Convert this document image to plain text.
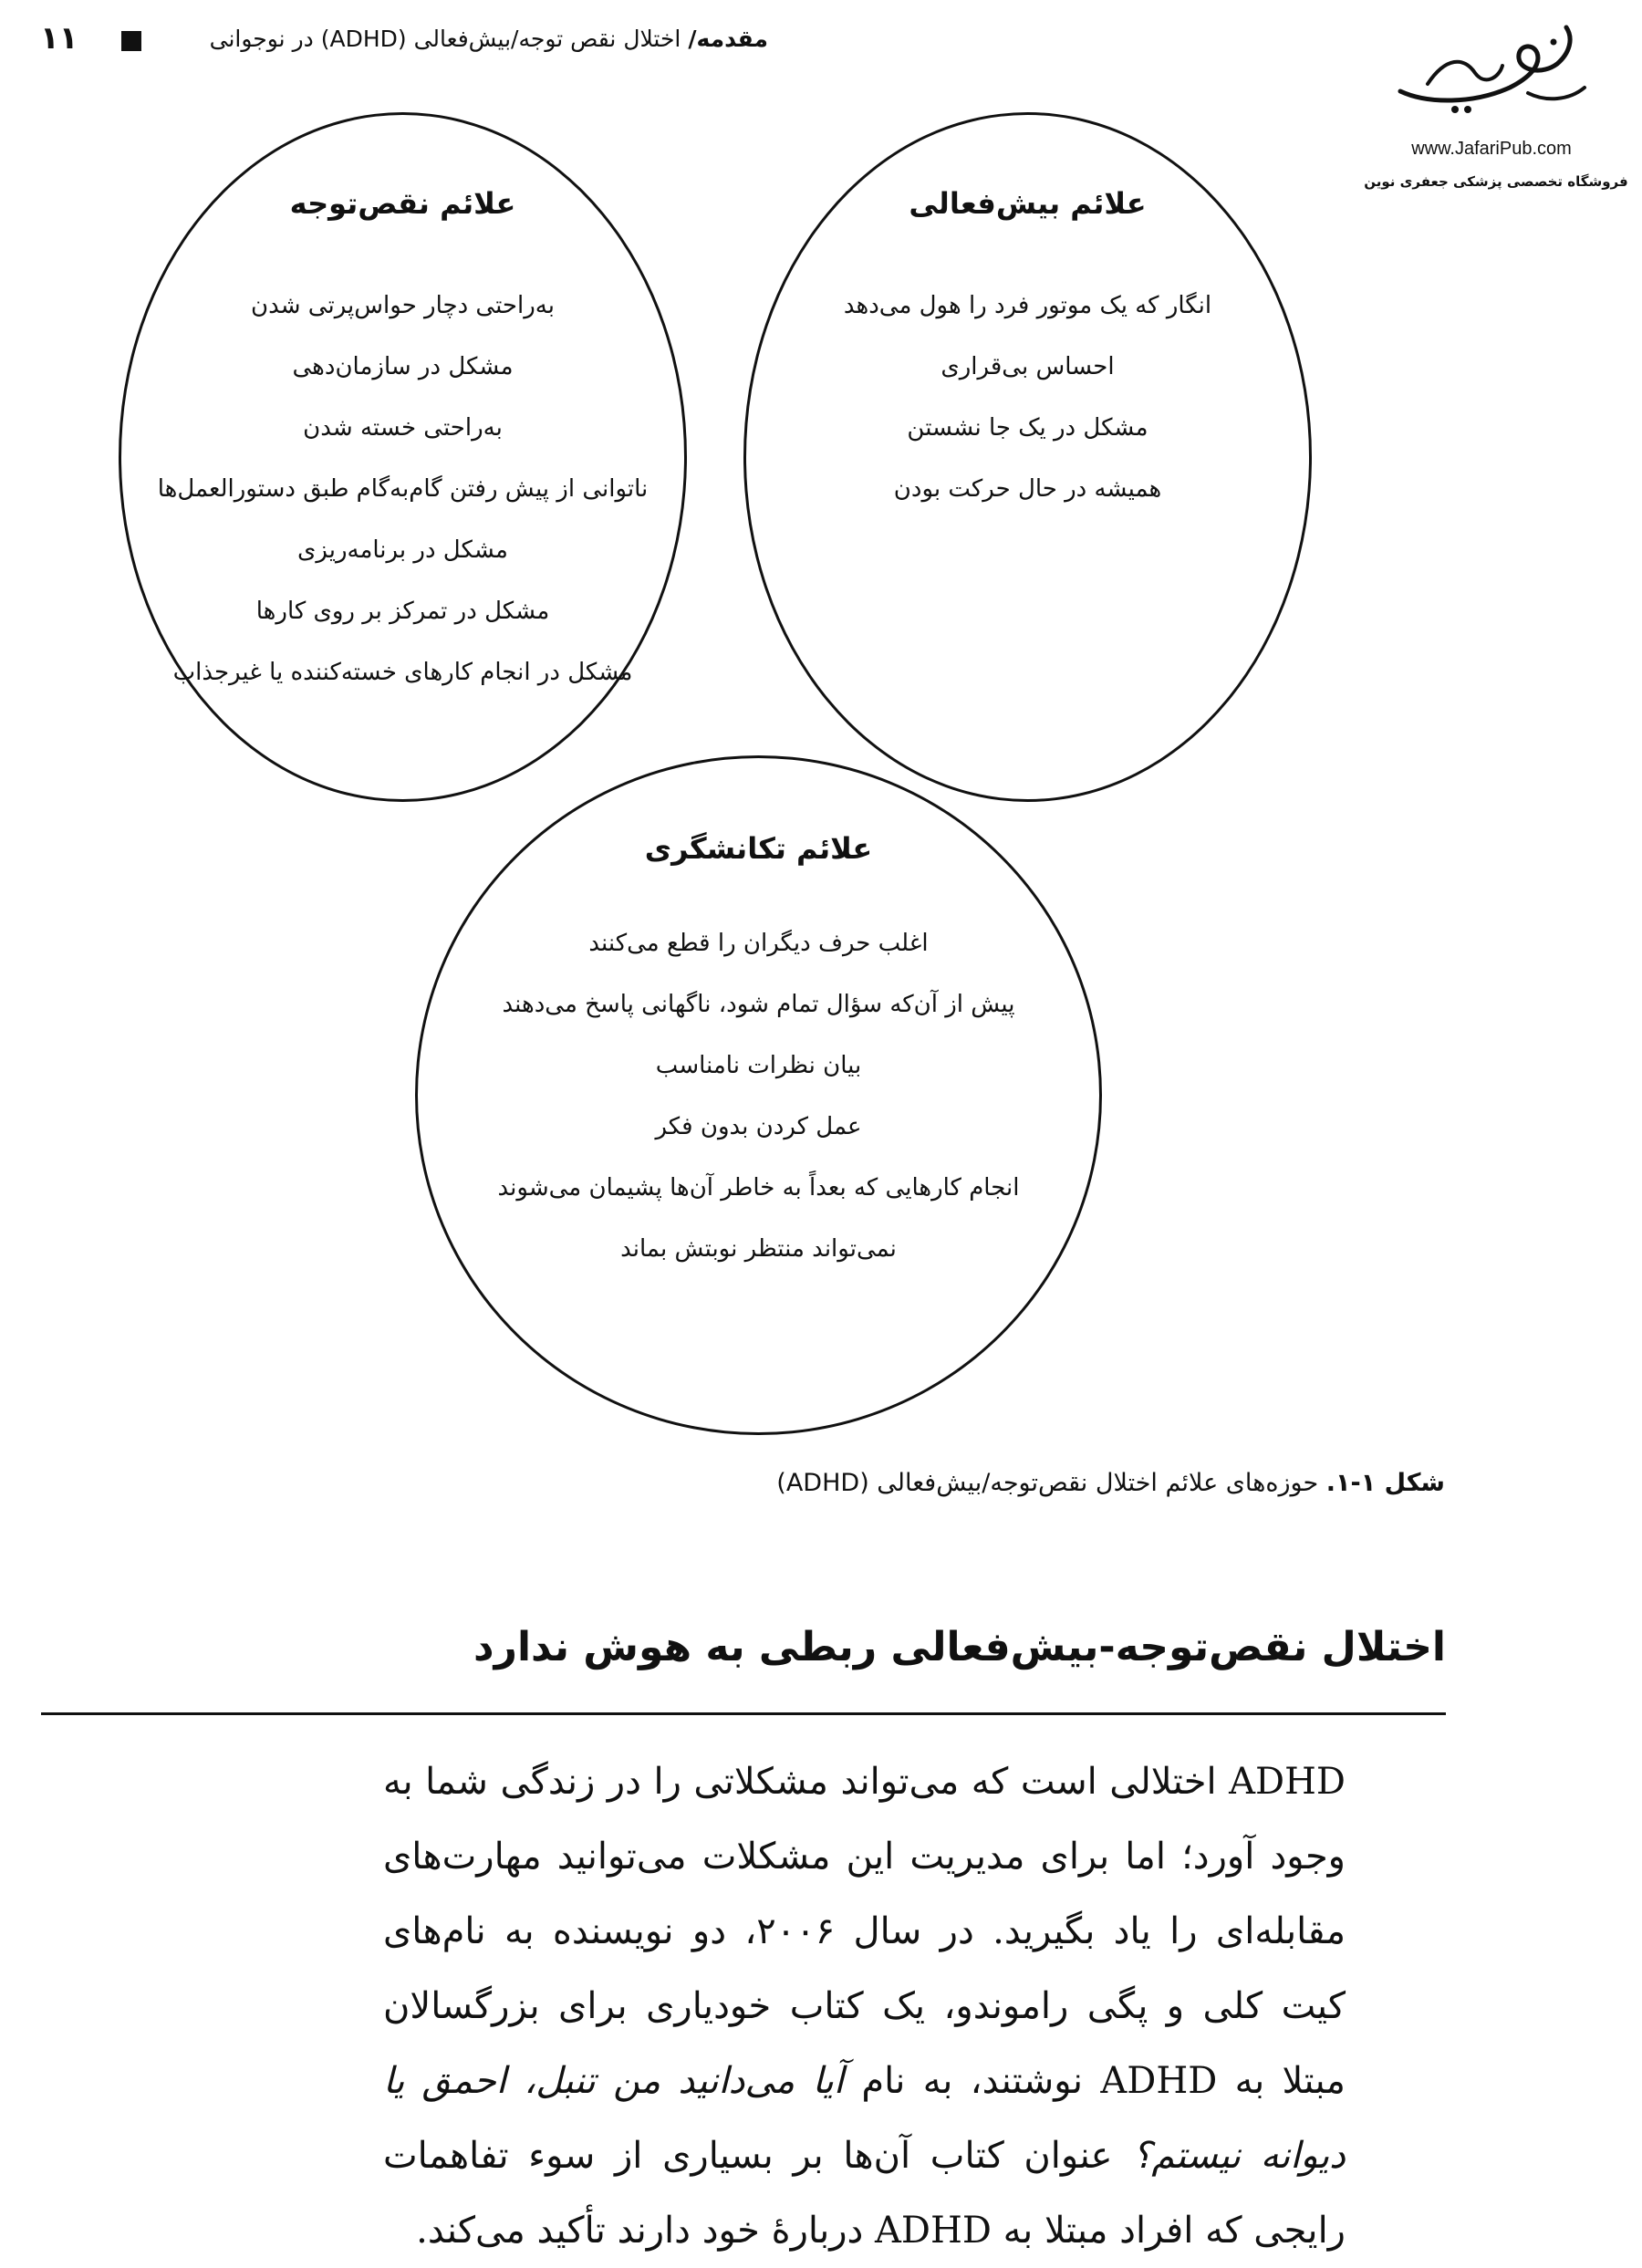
۱۱	مقدمه/ اختلال نقص توجه/بیش‌فعالی (ADHD) در نوجوانی
www.JafariPub.com
فروشگاه تخصصی پزشکی جعفری نوین
علائم نقص‌توجه
به‌راحتی دچار حواس‌پرتی شدن
مشکل در سازمان‌دهی
به‌راحتی خسته شدن
ناتوانی از پیش رفتن گام‌به‌گام طبق دستورالعمل‌ها
مشکل در برنامه‌ریزی
مشکل در تمرکز بر روی کارها
مشکل در انجام کارهای خسته‌کننده یا غیرجذاب
علائم بیش‌فعالی
انگار که یک موتور فرد را هول می‌دهد
احساس بی‌قراری
مشکل در یک جا نشستن
همیشه در حال حرکت بودن
علائم تکانشگری
اغلب حرف دیگران را قطع می‌کنند
پیش از آن‌که سؤال تمام شود، ناگهانی پاسخ می‌دهند
بیان نظرات نامناسب
عمل کردن بدون فکر
انجام کارهایی که بعداً به خاطر آن‌ها پشیمان می‌شوند
نمی‌تواند منتظر نوبتش بماند
شکل ۱-۱. حوزه‌های علائم اختلال نقص‌توجه/بیش‌فعالی (ADHD)
اختلال نقص‌توجه-بیش‌فعالی ربطی به هوش ندارد

ADHD اختلالی است که می‌تواند مشکلاتی را در زندگی شما به وجود آورد؛ اما برای مدیریت این مشکلات می‌توانید مهارت‌های مقابله‌ای را یاد بگیرید. در سال ۲۰۰۶، دو نویسنده به نام‌های کیت کلی و پگی راموندو، یک کتاب خودیاری برای بزرگسالان مبتلا به ADHD نوشتند، به نام آیا می‌دانید من تنبل، احمق یا دیوانه نیستم؟ عنوان کتاب آن‌ها بر بسیاری از سوء تفاهمات رایجی که افراد مبتلا به ADHD دربارهٔ خود دارند تأکید می‌کند.
